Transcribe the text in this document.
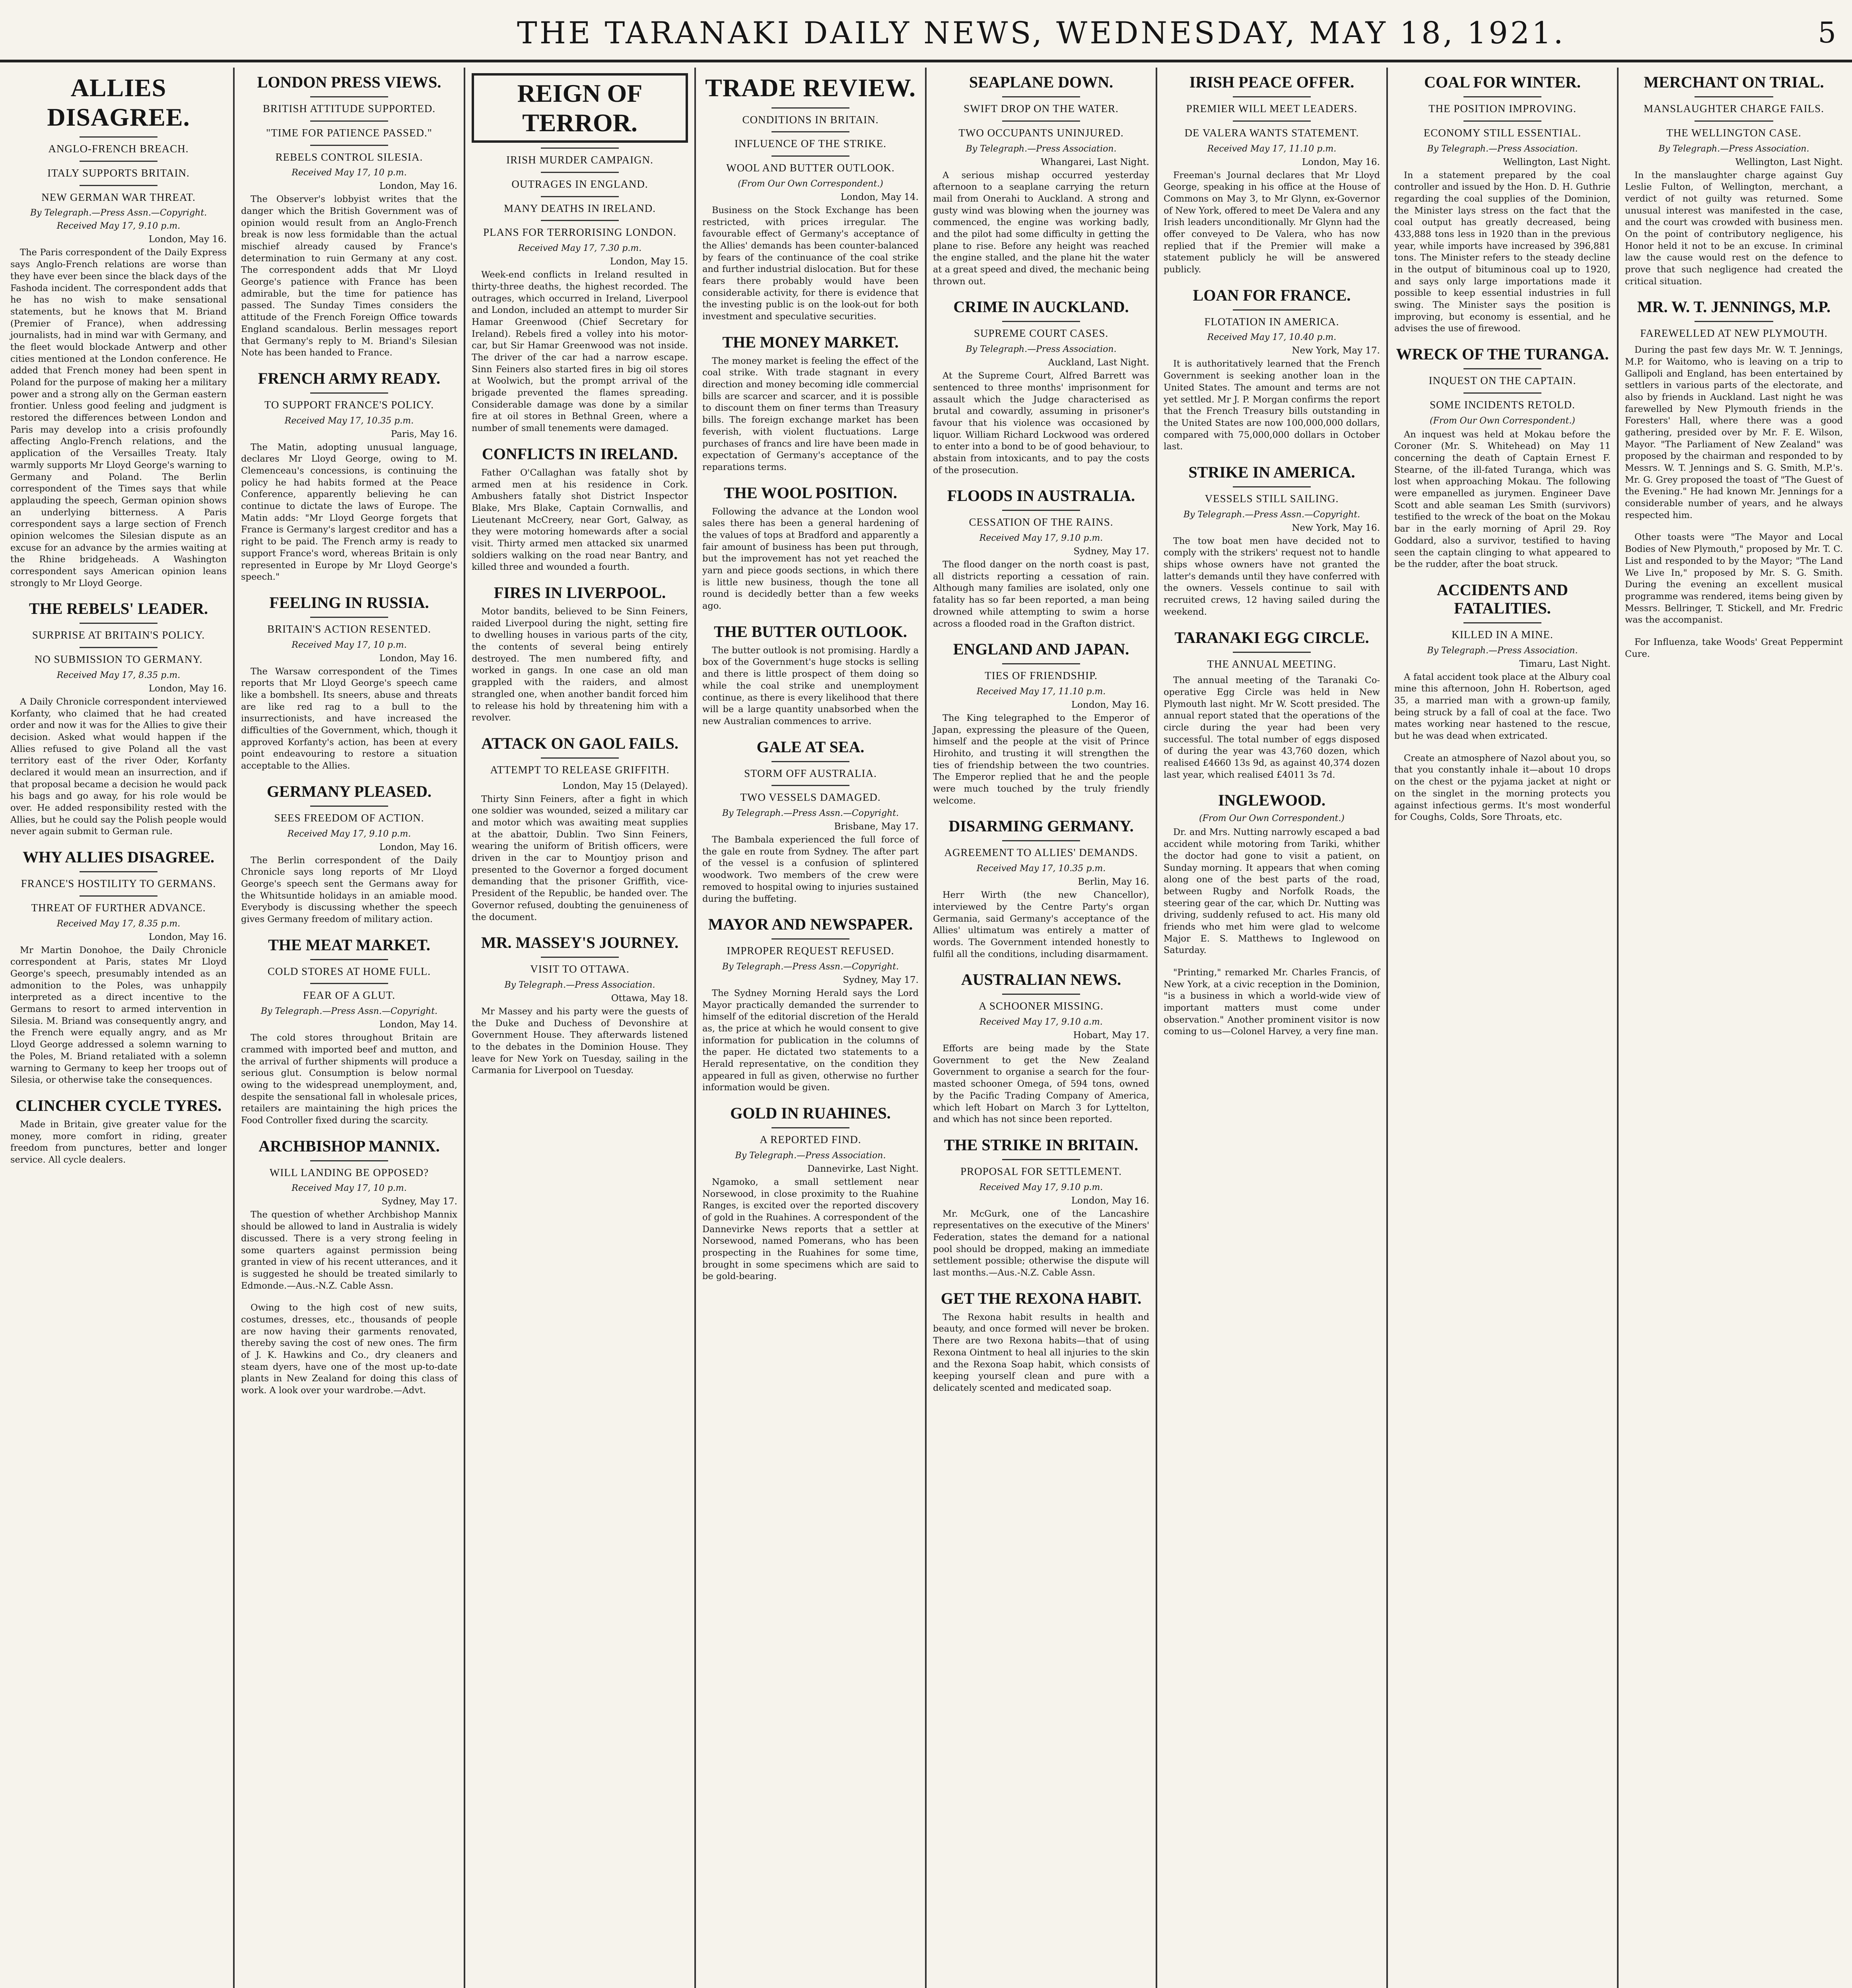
THE TARANAKI DAILY NEWS, WEDNESDAY, MAY 18, 1921.	5
ALLIES DISAGREE.
ANGLO-FRENCH BREACH.
ITALY SUPPORTS BRITAIN.
NEW GERMAN WAR THREAT.
By Telegraph.—Press Assn.—Copyright.
Received May 17, 9.10 p.m.
London, May 16.

The Paris correspondent of the Daily Express says Anglo-French relations are worse than they have ever been since the black days of the Fashoda incident. The correspondent adds that he has no wish to make sensational statements, but he knows that M. Briand (Premier of France), when addressing journalists, had in mind war with Germany, and the fleet would blockade Antwerp and other cities mentioned at the London conference. He added that French money had been spent in Poland for the purpose of making her a military power and a strong ally on the German eastern frontier. Unless good feeling and judgment is restored the differences between London and Paris may develop into a crisis profoundly affecting Anglo-French relations, and the application of the Versailles Treaty. Italy warmly supports Mr Lloyd George's warning to Germany and Poland. The Berlin correspondent of the Times says that while applauding the speech, German opinion shows an underlying bitterness. A Paris correspondent says a large section of French opinion welcomes the Silesian dispute as an excuse for an advance by the armies waiting at the Rhine bridgeheads. A Washington correspondent says American opinion leans strongly to Mr Lloyd George.

THE REBELS' LEADER.
SURPRISE AT BRITAIN'S POLICY.
NO SUBMISSION TO GERMANY.
Received May 17, 8.35 p.m.
London, May 16.

A Daily Chronicle correspondent interviewed Korfanty, who claimed that he had created order and now it was for the Allies to give their decision. Asked what would happen if the Allies refused to give Poland all the vast territory east of the river Oder, Korfanty declared it would mean an insurrection, and if that proposal became a decision he would pack his bags and go away, for his role would be over. He added responsibility rested with the Allies, but he could say the Polish people would never again submit to German rule.

WHY ALLIES DISAGREE.
FRANCE'S HOSTILITY TO GERMANS.
THREAT OF FURTHER ADVANCE.
Received May 17, 8.35 p.m.
London, May 16.

Mr Martin Donohoe, the Daily Chronicle correspondent at Paris, states Mr Lloyd George's speech, presumably intended as an admonition to the Poles, was unhappily interpreted as a direct incentive to the Germans to resort to armed intervention in Silesia. M. Briand was consequently angry, and the French were equally angry, and as Mr Lloyd George addressed a solemn warning to the Poles, M. Briand retaliated with a solemn warning to Germany to keep her troops out of Silesia, or otherwise take the consequences.

CLINCHER CYCLE TYRES.

Made in Britain, give greater value for the money, more comfort in riding, greater freedom from punctures, better and longer service. All cycle dealers.

LONDON PRESS VIEWS.
BRITISH ATTITUDE SUPPORTED.
"TIME FOR PATIENCE PASSED."
REBELS CONTROL SILESIA.
Received May 17, 10 p.m.
London, May 16.

The Observer's lobbyist writes that the danger which the British Government was of opinion would result from an Anglo-French break is now less formidable than the actual mischief already caused by France's determination to ruin Germany at any cost. The correspondent adds that Mr Lloyd George's patience with France has been admirable, but the time for patience has passed. The Sunday Times considers the attitude of the French Foreign Office towards England scandalous. Berlin messages report that Germany's reply to M. Briand's Silesian Note has been handed to France.

FRENCH ARMY READY.
TO SUPPORT FRANCE'S POLICY.
Received May 17, 10.35 p.m.
Paris, May 16.

The Matin, adopting unusual language, declares Mr Lloyd George, owing to M. Clemenceau's concessions, is continuing the policy he had habits formed at the Peace Conference, apparently believing he can continue to dictate the laws of Europe. The Matin adds: "Mr Lloyd George forgets that France is Germany's largest creditor and has a right to be paid. The French army is ready to support France's word, whereas Britain is only represented in Europe by Mr Lloyd George's speech."

FEELING IN RUSSIA.
BRITAIN'S ACTION RESENTED.
Received May 17, 10 p.m.
London, May 16.

The Warsaw correspondent of the Times reports that Mr Lloyd George's speech came like a bombshell. Its sneers, abuse and threats are like red rag to a bull to the insurrectionists, and have increased the difficulties of the Government, which, though it approved Korfanty's action, has been at every point endeavouring to restore a situation acceptable to the Allies.

GERMANY PLEASED.
SEES FREEDOM OF ACTION.
Received May 17, 9.10 p.m.
London, May 16.

The Berlin correspondent of the Daily Chronicle says long reports of Mr Lloyd George's speech sent the Germans away for the Whitsuntide holidays in an amiable mood. Everybody is discussing whether the speech gives Germany freedom of military action.

THE MEAT MARKET.
COLD STORES AT HOME FULL.
FEAR OF A GLUT.
By Telegraph.—Press Assn.—Copyright.
London, May 14.

The cold stores throughout Britain are crammed with imported beef and mutton, and the arrival of further shipments will produce a serious glut. Consumption is below normal owing to the widespread unemployment, and, despite the sensational fall in wholesale prices, retailers are maintaining the high prices the Food Controller fixed during the scarcity.

ARCHBISHOP MANNIX.
WILL LANDING BE OPPOSED?
Received May 17, 10 p.m.
Sydney, May 17.

The question of whether Archbishop Mannix should be allowed to land in Australia is widely discussed. There is a very strong feeling in some quarters against permission being granted in view of his recent utterances, and it is suggested he should be treated similarly to Edmonde.—Aus.-N.Z. Cable Assn.

Owing to the high cost of new suits, costumes, dresses, etc., thousands of people are now having their garments renovated, thereby saving the cost of new ones. The firm of J. K. Hawkins and Co., dry cleaners and steam dyers, have one of the most up-to-date plants in New Zealand for doing this class of work. A look over your wardrobe.—Advt.

REIGN OF TERROR.
IRISH MURDER CAMPAIGN.
OUTRAGES IN ENGLAND.
MANY DEATHS IN IRELAND.
PLANS FOR TERRORISING LONDON.
Received May 17, 7.30 p.m.
London, May 15.

Week-end conflicts in Ireland resulted in thirty-three deaths, the highest recorded. The outrages, which occurred in Ireland, Liverpool and London, included an attempt to murder Sir Hamar Greenwood (Chief Secretary for Ireland). Rebels fired a volley into his motor-car, but Sir Hamar Greenwood was not inside. The driver of the car had a narrow escape. Sinn Feiners also started fires in big oil stores at Woolwich, but the prompt arrival of the brigade prevented the flames spreading. Considerable damage was done by a similar fire at oil stores in Bethnal Green, where a number of small tenements were damaged.

CONFLICTS IN IRELAND.

Father O'Callaghan was fatally shot by armed men at his residence in Cork. Ambushers fatally shot District Inspector Blake, Mrs Blake, Captain Cornwallis, and Lieutenant McCreery, near Gort, Galway, as they were motoring homewards after a social visit. Thirty armed men attacked six unarmed soldiers walking on the road near Bantry, and killed three and wounded a fourth.

FIRES IN LIVERPOOL.

Motor bandits, believed to be Sinn Feiners, raided Liverpool during the night, setting fire to dwelling houses in various parts of the city, the contents of several being entirely destroyed. The men numbered fifty, and worked in gangs. In one case an old man grappled with the raiders, and almost strangled one, when another bandit forced him to release his hold by threatening him with a revolver.

ATTACK ON GAOL FAILS.
ATTEMPT TO RELEASE GRIFFITH.
London, May 15 (Delayed).

Thirty Sinn Feiners, after a fight in which one soldier was wounded, seized a military car and motor which was awaiting meat supplies at the abattoir, Dublin. Two Sinn Feiners, wearing the uniform of British officers, were driven in the car to Mountjoy prison and presented to the Governor a forged document demanding that the prisoner Griffith, vice-President of the Republic, be handed over. The Governor refused, doubting the genuineness of the document.

MR. MASSEY'S JOURNEY.
VISIT TO OTTAWA.
By Telegraph.—Press Association.
Ottawa, May 18.

Mr Massey and his party were the guests of the Duke and Duchess of Devonshire at Government House. They afterwards listened to the debates in the Dominion House. They leave for New York on Tuesday, sailing in the Carmania for Liverpool on Tuesday.

TRADE REVIEW.
CONDITIONS IN BRITAIN.
INFLUENCE OF THE STRIKE.
WOOL AND BUTTER OUTLOOK.
(From Our Own Correspondent.)
London, May 14.

Business on the Stock Exchange has been restricted, with prices irregular. The favourable effect of Germany's acceptance of the Allies' demands has been counter-balanced by fears of the continuance of the coal strike and further industrial dislocation. But for these fears there probably would have been considerable activity, for there is evidence that the investing public is on the look-out for both investment and speculative securities.

THE MONEY MARKET.

The money market is feeling the effect of the coal strike. With trade stagnant in every direction and money becoming idle commercial bills are scarcer and scarcer, and it is possible to discount them on finer terms than Treasury bills. The foreign exchange market has been feverish, with violent fluctuations. Large purchases of francs and lire have been made in expectation of Germany's acceptance of the reparations terms.

THE WOOL POSITION.

Following the advance at the London wool sales there has been a general hardening of the values of tops at Bradford and apparently a fair amount of business has been put through, but the improvement has not yet reached the yarn and piece goods sections, in which there is little new business, though the tone all round is decidedly better than a few weeks ago.

THE BUTTER OUTLOOK.

The butter outlook is not promising. Hardly a box of the Government's huge stocks is selling and there is little prospect of them doing so while the coal strike and unemployment continue, as there is every likelihood that there will be a large quantity unabsorbed when the new Australian commences to arrive.

GALE AT SEA.
STORM OFF AUSTRALIA.
TWO VESSELS DAMAGED.
By Telegraph.—Press Assn.—Copyright.
Brisbane, May 17.

The Bambala experienced the full force of the gale en route from Sydney. The after part of the vessel is a confusion of splintered woodwork. Two members of the crew were removed to hospital owing to injuries sustained during the buffeting.

MAYOR AND NEWSPAPER.
IMPROPER REQUEST REFUSED.
By Telegraph.—Press Assn.—Copyright.
Sydney, May 17.

The Sydney Morning Herald says the Lord Mayor practically demanded the surrender to himself of the editorial discretion of the Herald as, the price at which he would consent to give information for publication in the columns of the paper. He dictated two statements to a Herald representative, on the condition they appeared in full as given, otherwise no further information would be given.

GOLD IN RUAHINES.
A REPORTED FIND.
By Telegraph.—Press Association.
Dannevirke, Last Night.

Ngamoko, a small settlement near Norsewood, in close proximity to the Ruahine Ranges, is excited over the reported discovery of gold in the Ruahines. A correspondent of the Dannevirke News reports that a settler at Norsewood, named Pomerans, who has been prospecting in the Ruahines for some time, brought in some specimens which are said to be gold-bearing.

SEAPLANE DOWN.
SWIFT DROP ON THE WATER.
TWO OCCUPANTS UNINJURED.
By Telegraph.—Press Association.
Whangarei, Last Night.

A serious mishap occurred yesterday afternoon to a seaplane carrying the return mail from Onerahi to Auckland. A strong and gusty wind was blowing when the journey was commenced, the engine was working badly, and the pilot had some difficulty in getting the plane to rise. Before any height was reached the engine stalled, and the plane hit the water at a great speed and dived, the mechanic being thrown out.

CRIME IN AUCKLAND.
SUPREME COURT CASES.
By Telegraph.—Press Association.
Auckland, Last Night.

At the Supreme Court, Alfred Barrett was sentenced to three months' imprisonment for assault which the Judge characterised as brutal and cowardly, assuming in prisoner's favour that his violence was occasioned by liquor. William Richard Lockwood was ordered to enter into a bond to be of good behaviour, to abstain from intoxicants, and to pay the costs of the prosecution.

FLOODS IN AUSTRALIA.
CESSATION OF THE RAINS.
Received May 17, 9.10 p.m.
Sydney, May 17.

The flood danger on the north coast is past, all districts reporting a cessation of rain. Although many families are isolated, only one fatality has so far been reported, a man being drowned while attempting to swim a horse across a flooded road in the Grafton district.

ENGLAND AND JAPAN.
TIES OF FRIENDSHIP.
Received May 17, 11.10 p.m.
London, May 16.

The King telegraphed to the Emperor of Japan, expressing the pleasure of the Queen, himself and the people at the visit of Prince Hirohito, and trusting it will strengthen the ties of friendship between the two countries. The Emperor replied that he and the people were much touched by the truly friendly welcome.

DISARMING GERMANY.
AGREEMENT TO ALLIES' DEMANDS.
Received May 17, 10.35 p.m.
Berlin, May 16.

Herr Wirth (the new Chancellor), interviewed by the Centre Party's organ Germania, said Germany's acceptance of the Allies' ultimatum was entirely a matter of words. The Government intended honestly to fulfil all the conditions, including disarmament.

AUSTRALIAN NEWS.
A SCHOONER MISSING.
Received May 17, 9.10 a.m.
Hobart, May 17.

Efforts are being made by the State Government to get the New Zealand Government to organise a search for the four-masted schooner Omega, of 594 tons, owned by the Pacific Trading Company of America, which left Hobart on March 3 for Lyttelton, and which has not since been reported.

THE STRIKE IN BRITAIN.
PROPOSAL FOR SETTLEMENT.
Received May 17, 9.10 p.m.
London, May 16.

Mr. McGurk, one of the Lancashire representatives on the executive of the Miners' Federation, states the demand for a national pool should be dropped, making an immediate settlement possible; otherwise the dispute will last months.—Aus.-N.Z. Cable Assn.

GET THE REXONA HABIT.

The Rexona habit results in health and beauty, and once formed will never be broken. There are two Rexona habits—that of using Rexona Ointment to heal all injuries to the skin and the Rexona Soap habit, which consists of keeping yourself clean and pure with a delicately scented and medicated soap.

IRISH PEACE OFFER.
PREMIER WILL MEET LEADERS.
DE VALERA WANTS STATEMENT.
Received May 17, 11.10 p.m.
London, May 16.

Freeman's Journal declares that Mr Lloyd George, speaking in his office at the House of Commons on May 3, to Mr Glynn, ex-Governor of New York, offered to meet De Valera and any Irish leaders unconditionally. Mr Glynn had the offer conveyed to De Valera, who has now replied that if the Premier will make a statement publicly he will be answered publicly.

LOAN FOR FRANCE.
FLOTATION IN AMERICA.
Received May 17, 10.40 p.m.
New York, May 17.

It is authoritatively learned that the French Government is seeking another loan in the United States. The amount and terms are not yet settled. Mr J. P. Morgan confirms the report that the French Treasury bills outstanding in the United States are now 100,000,000 dollars, compared with 75,000,000 dollars in October last.

STRIKE IN AMERICA.
VESSELS STILL SAILING.
By Telegraph.—Press Assn.—Copyright.
New York, May 16.

The tow boat men have decided not to comply with the strikers' request not to handle ships whose owners have not granted the latter's demands until they have conferred with the owners. Vessels continue to sail with recruited crews, 12 having sailed during the weekend.

TARANAKI EGG CIRCLE.
THE ANNUAL MEETING.

The annual meeting of the Taranaki Co-operative Egg Circle was held in New Plymouth last night. Mr W. Scott presided. The annual report stated that the operations of the circle during the year had been very successful. The total number of eggs disposed of during the year was 43,760 dozen, which realised £4660 13s 9d, as against 40,374 dozen last year, which realised £4011 3s 7d.

INGLEWOOD.
(From Our Own Correspondent.)

Dr. and Mrs. Nutting narrowly escaped a bad accident while motoring from Tariki, whither the doctor had gone to visit a patient, on Sunday morning. It appears that when coming along one of the best parts of the road, between Rugby and Norfolk Roads, the steering gear of the car, which Dr. Nutting was driving, suddenly refused to act. His many old friends who met him were glad to welcome Major E. S. Matthews to Inglewood on Saturday.

"Printing," remarked Mr. Charles Francis, of New York, at a civic reception in the Dominion, "is a business in which a world-wide view of important matters must come under observation." Another prominent visitor is now coming to us—Colonel Harvey, a very fine man.

COAL FOR WINTER.
THE POSITION IMPROVING.
ECONOMY STILL ESSENTIAL.
By Telegraph.—Press Association.
Wellington, Last Night.

In a statement prepared by the coal controller and issued by the Hon. D. H. Guthrie regarding the coal supplies of the Dominion, the Minister lays stress on the fact that the coal output has greatly decreased, being 433,888 tons less in 1920 than in the previous year, while imports have increased by 396,881 tons. The Minister refers to the steady decline in the output of bituminous coal up to 1920, and says only large importations made it possible to keep essential industries in full swing. The Minister says the position is improving, but economy is essential, and he advises the use of firewood.

WRECK OF THE TURANGA.
INQUEST ON THE CAPTAIN.
SOME INCIDENTS RETOLD.
(From Our Own Correspondent.)

An inquest was held at Mokau before the Coroner (Mr. S. Whitehead) on May 11 concerning the death of Captain Ernest F. Stearne, of the ill-fated Turanga, which was lost when approaching Mokau. The following were empanelled as jurymen. Engineer Dave Scott and able seaman Les Smith (survivors) testified to the wreck of the boat on the Mokau bar in the early morning of April 29. Roy Goddard, also a survivor, testified to having seen the captain clinging to what appeared to be the rudder, after the boat struck.

ACCIDENTS AND FATALITIES.
KILLED IN A MINE.
By Telegraph.—Press Association.
Timaru, Last Night.

A fatal accident took place at the Albury coal mine this afternoon, John H. Robertson, aged 35, a married man with a grown-up family, being struck by a fall of coal at the face. Two mates working near hastened to the rescue, but he was dead when extricated.

Create an atmosphere of Nazol about you, so that you constantly inhale it—about 10 drops on the chest or the pyjama jacket at night or on the singlet in the morning protects you against infectious germs. It's most wonderful for Coughs, Colds, Sore Throats, etc.

MERCHANT ON TRIAL.
MANSLAUGHTER CHARGE FAILS.
THE WELLINGTON CASE.
By Telegraph.—Press Association.
Wellington, Last Night.

In the manslaughter charge against Guy Leslie Fulton, of Wellington, merchant, a verdict of not guilty was returned. Some unusual interest was manifested in the case, and the court was crowded with business men. On the point of contributory negligence, his Honor held it not to be an excuse. In criminal law the cause would rest on the defence to prove that such negligence had created the critical situation.

MR. W. T. JENNINGS, M.P.
FAREWELLED AT NEW PLYMOUTH.

During the past few days Mr. W. T. Jennings, M.P. for Waitomo, who is leaving on a trip to Gallipoli and England, has been entertained by settlers in various parts of the electorate, and also by friends in Auckland. Last night he was farewelled by New Plymouth friends in the Foresters' Hall, where there was a good gathering, presided over by Mr. F. E. Wilson, Mayor. "The Parliament of New Zealand" was proposed by the chairman and responded to by Messrs. W. T. Jennings and S. G. Smith, M.P.'s. Mr. G. Grey proposed the toast of "The Guest of the Evening." He had known Mr. Jennings for a considerable number of years, and he always respected him.

Other toasts were "The Mayor and Local Bodies of New Plymouth," proposed by Mr. T. C. List and responded to by the Mayor; "The Land We Live In," proposed by Mr. S. G. Smith. During the evening an excellent musical programme was rendered, items being given by Messrs. Bellringer, T. Stickell, and Mr. Fredric was the accompanist.

For Influenza, take Woods' Great Peppermint Cure.
